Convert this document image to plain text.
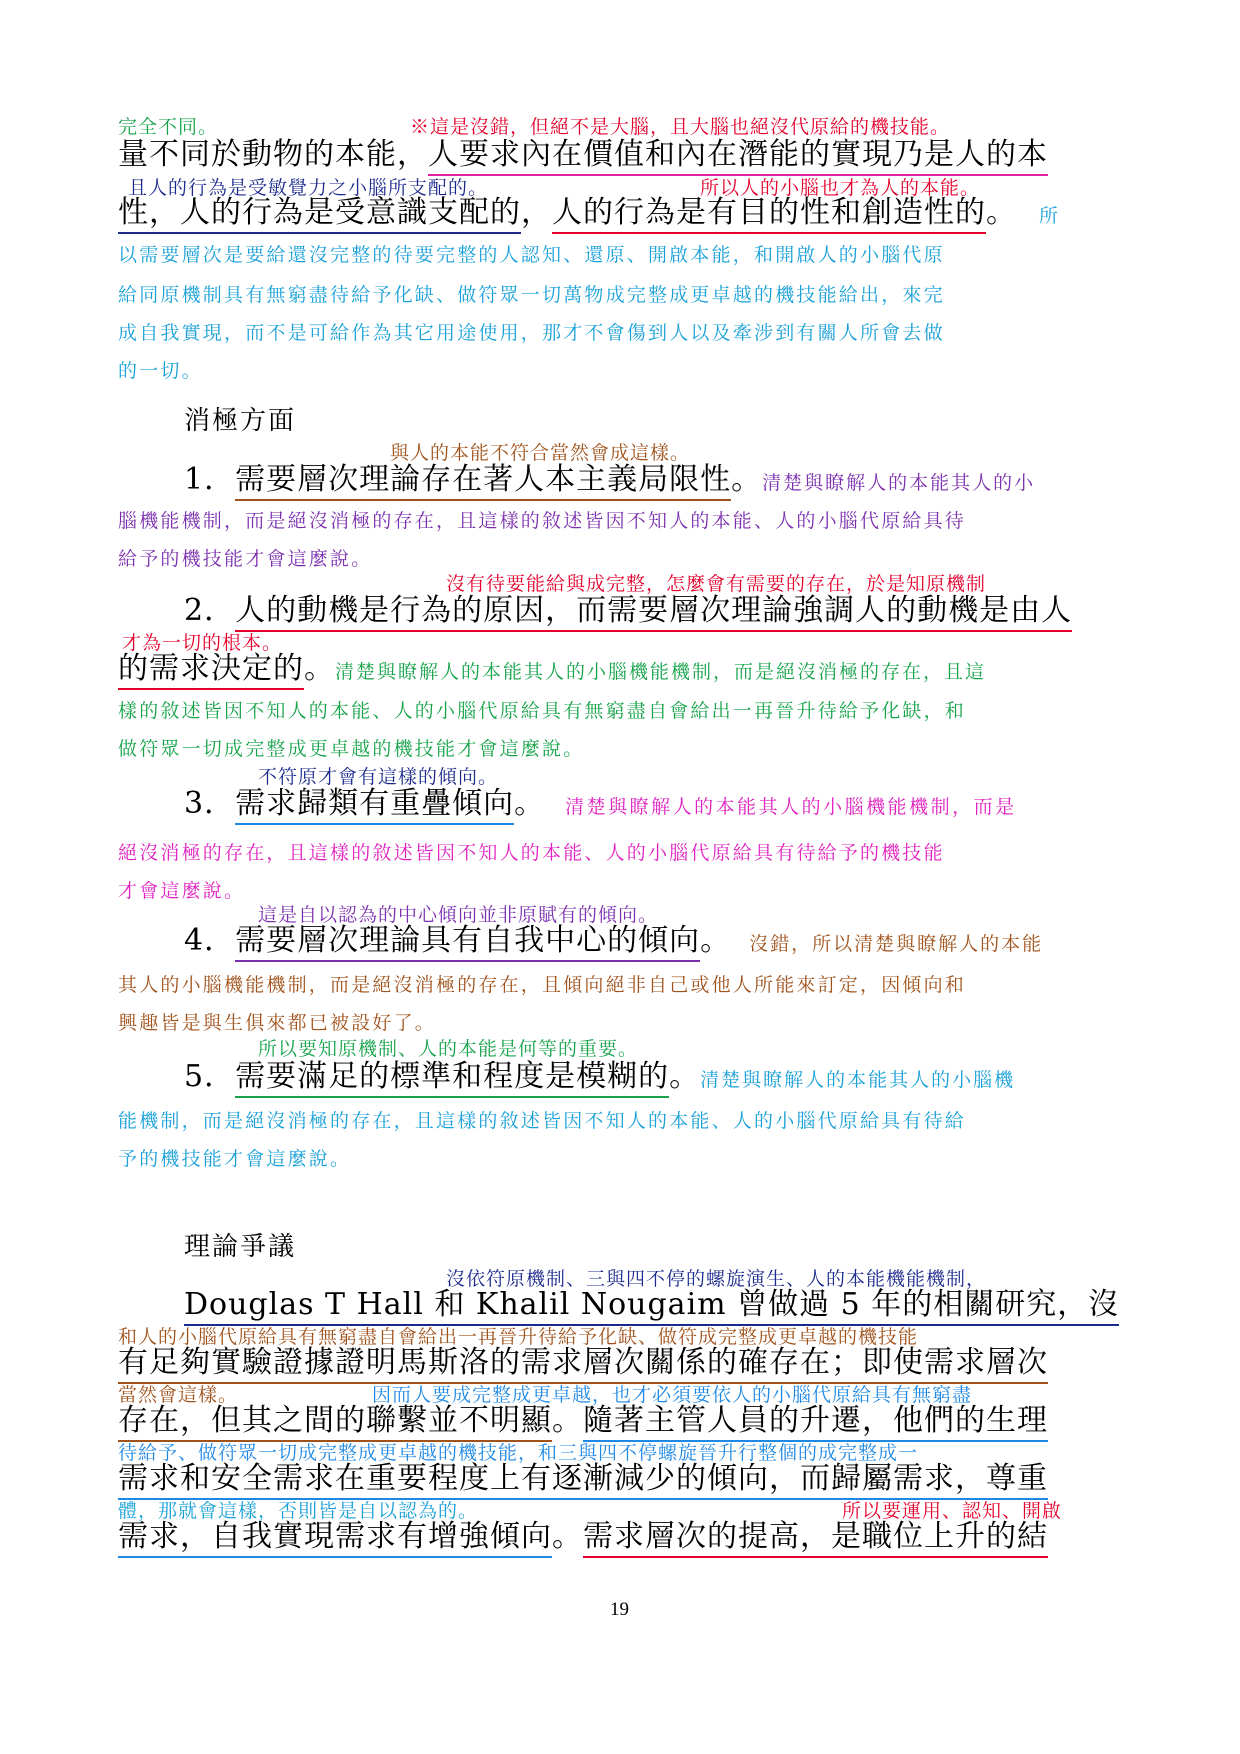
完全不同。	※這是沒錯，但絕不是大腦，且大腦也絕沒代原給的機技能。
量不同於動物的本能，人要求內在價值和內在潛能的實現乃是人的本
且人的行為是受敏覺力之小腦所支配的。	所以人的小腦也才為人的本能。
性，人的行為是受意識支配的，人的行為是有目的性和創造性的。 所
以需要層次是要給還沒完整的待要完整的人認知、還原、開啟本能，和開啟人的小腦代原
給同原機制具有無窮盡待給予化缺、做符眾一切萬物成完整成更卓越的機技能給出，來完
成自我實現，而不是可給作為其它用途使用，那才不會傷到人以及牽涉到有關人所會去做
的一切。
消極方面
與人的本能不符合當然會成這樣。
1．需要層次理論存在著人本主義局限性。清楚與瞭解人的本能其人的小
腦機能機制，而是絕沒消極的存在，且這樣的敘述皆因不知人的本能、人的小腦代原給具待
給予的機技能才會這麼說。
沒有待要能給與成完整，怎麼會有需要的存在，於是知原機制
2．人的動機是行為的原因，而需要層次理論強調人的動機是由人
才為一切的根本。
的需求決定的。清楚與瞭解人的本能其人的小腦機能機制，而是絕沒消極的存在，且這
樣的敘述皆因不知人的本能、人的小腦代原給具有無窮盡自會給出一再晉升待給予化缺，和
做符眾一切成完整成更卓越的機技能才會這麼說。
不符原才會有這樣的傾向。
3．需求歸類有重疊傾向。 清楚與瞭解人的本能其人的小腦機能機制，而是
絕沒消極的存在，且這樣的敘述皆因不知人的本能、人的小腦代原給具有待給予的機技能
才會這麼說。
這是自以認為的中心傾向並非原賦有的傾向。
4．需要層次理論具有自我中心的傾向。 沒錯，所以清楚與瞭解人的本能
其人的小腦機能機制，而是絕沒消極的存在，且傾向絕非自己或他人所能來訂定，因傾向和
興趣皆是與生俱來都已被設好了。
所以要知原機制、人的本能是何等的重要。
5．需要滿足的標準和程度是模糊的。清楚與瞭解人的本能其人的小腦機
能機制，而是絕沒消極的存在，且這樣的敘述皆因不知人的本能、人的小腦代原給具有待給
予的機技能才會這麼說。
理論爭議
沒依符原機制、三與四不停的螺旋演生、人的本能機能機制，
Douglas T Hall 和 Khalil Nougaim 曾做過 5 年的相關研究，沒
和人的小腦代原給具有無窮盡自會給出一再晉升待給予化缺、做符成完整成更卓越的機技能
有足夠實驗證據證明馬斯洛的需求層次關係的確存在；即使需求層次
當然會這樣。	因而人要成完整成更卓越，也才必須要依人的小腦代原給具有無窮盡
存在，但其之間的聯繫並不明顯。隨著主管人員的升遷，他們的生理
待給予、做符眾一切成完整成更卓越的機技能，和三與四不停螺旋晉升行整個的成完整成一
需求和安全需求在重要程度上有逐漸減少的傾向，而歸屬需求，尊重
體，那就會這樣，否則皆是自以認為的。	所以要運用、認知、開啟
需求，自我實現需求有增強傾向。需求層次的提高，是職位上升的結
19
